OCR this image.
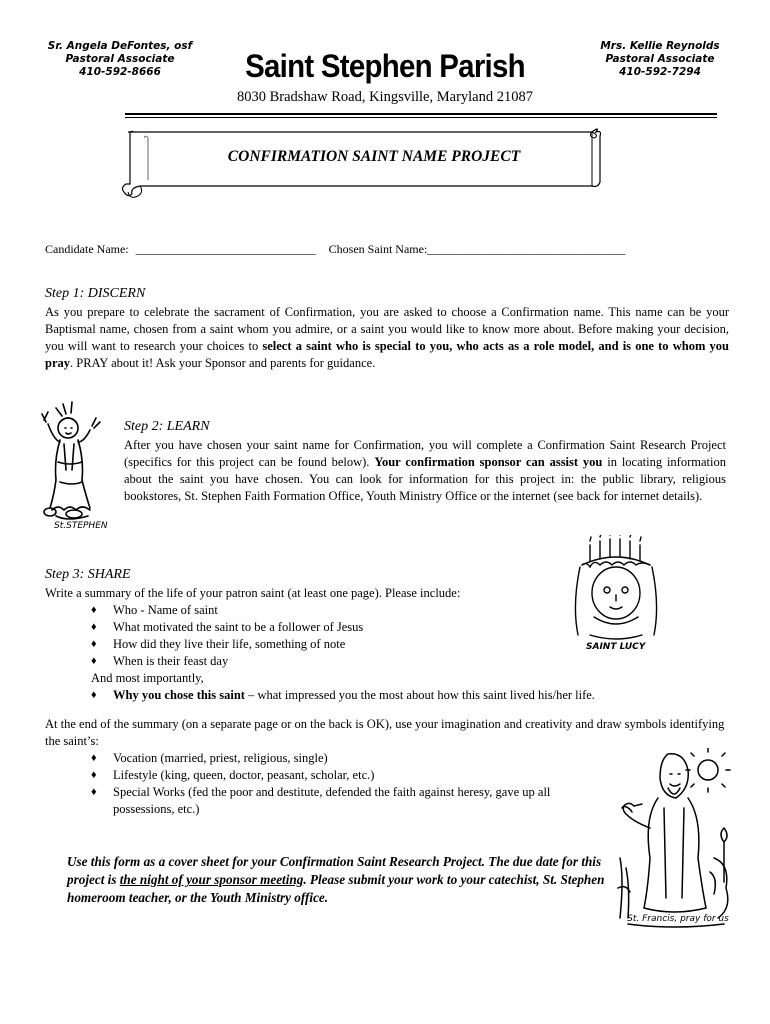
Sr. Angela DeFontes, osf
Pastoral Associate
410-592-8666
Mrs. Kellie Reynolds
Pastoral Associate
410-592-7294
Saint Stephen Parish
8030 Bradshaw Road, Kingsville, Maryland 21087
CONFIRMATION SAINT NAME PROJECT
Candidate Name: ______________________________ Chosen Saint Name:_________________________________
Step 1: DISCERN
As you prepare to celebrate the sacrament of Confirmation, you are asked to choose a Confirmation name. This name can be your Baptismal name, chosen from a saint whom you admire, or a saint you would like to know more about. Before making your decision, you will want to research your choices to select a saint who is special to you, who acts as a role model, and is one to whom you pray. PRAY about it! Ask your Sponsor and parents for guidance.
St.STEPHEN
Step 2: LEARN
After you have chosen your saint name for Confirmation, you will complete a Confirmation Saint Research Project (specifics for this project can be found below). Your confirmation sponsor can assist you in locating information about the saint you have chosen. You can look for information for this project in: the public library, religious bookstores, St. Stephen Faith Formation Office, Youth Ministry Office or the internet (see back for internet details).
SAINT LUCY
Step 3: SHARE
Write a summary of the life of your patron saint (at least one page). Please include:
♦ Who - Name of saint
♦ What motivated the saint to be a follower of Jesus
♦ How did they live their life, something of note
♦ When is their feast day
And most importantly,
♦ Why you chose this saint – what impressed you the most about how this saint lived his/her life.
At the end of the summary (on a separate page or on the back is OK), use your imagination and creativity and draw symbols identifying the saint’s:
♦ Vocation (married, priest, religious, single)
♦ Lifestyle (king, queen, doctor, peasant, scholar, etc.)
♦ Special Works (fed the poor and destitute, defended the faith against heresy, gave up all possessions, etc.)
St. Francis, pray for us
Use this form as a cover sheet for your Confirmation Saint Research Project. The due date for this project is the night of your sponsor meeting. Please submit your work to your catechist, St. Stephen homeroom teacher, or the Youth Ministry office.
